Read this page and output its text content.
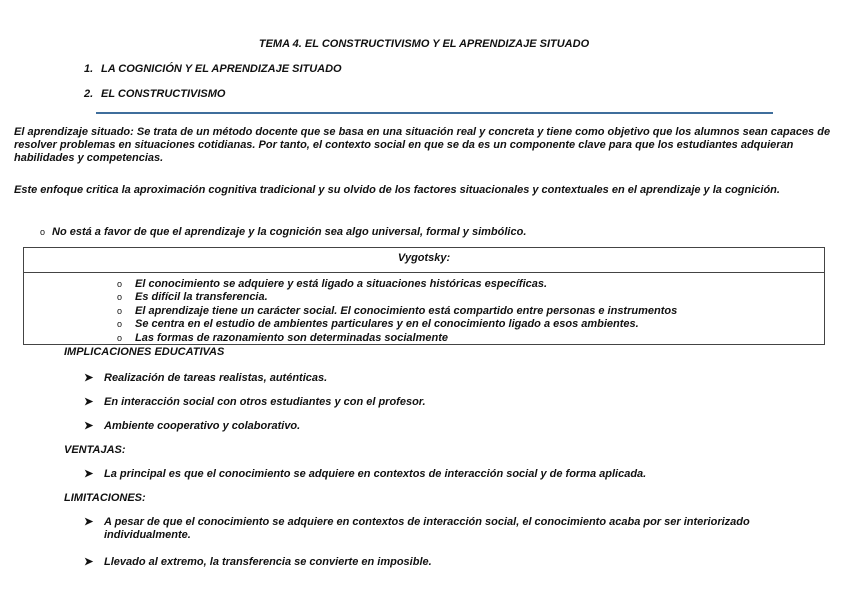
TEMA 4. EL CONSTRUCTIVISMO Y EL APRENDIZAJE SITUADO
1. LA COGNICIÓN Y EL APRENDIZAJE SITUADO
2. EL CONSTRUCTIVISMO
El aprendizaje situado: Se trata de un método docente que se basa en una situación real y concreta y tiene como objetivo que los alumnos sean capaces de resolver problemas en situaciones cotidianas. Por tanto, el contexto social en que se da es un componente clave para que los estudiantes adquieran habilidades y competencias.
Este enfoque critica la aproximación cognitiva tradicional y su olvido de los factores situacionales y contextuales en el aprendizaje y la cognición.
o No está a favor de que el aprendizaje y la cognición sea algo universal, formal y simbólico.
Vygotsky:
o El conocimiento se adquiere y está ligado a situaciones históricas específicas.
o Es difícil la transferencia.
o El aprendizaje tiene un carácter social. El conocimiento está compartido entre personas e instrumentos
o Se centra en el estudio de ambientes particulares y en el conocimiento ligado a esos ambientes.
o Las formas de razonamiento son determinadas socialmente
IMPLICACIONES EDUCATIVAS
➤ Realización de tareas realistas, auténticas.
➤ En interacción social con otros estudiantes y con el profesor.
➤ Ambiente cooperativo y colaborativo.
VENTAJAS:
➤ La principal es que el conocimiento se adquiere en contextos de interacción social y de forma aplicada.
LIMITACIONES:
➤ A pesar de que el conocimiento se adquiere en contextos de interacción social, el conocimiento acaba por ser interiorizado individualmente.
➤ Llevado al extremo, la transferencia se convierte en imposible.
